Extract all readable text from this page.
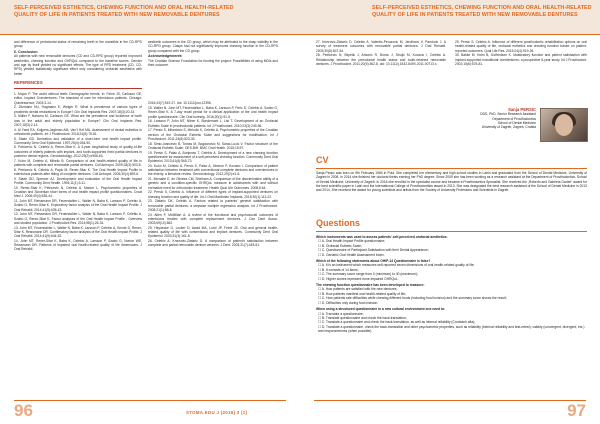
SELF-PERCEIVED ESTHETICS, CHEWING FUNCTION AND ORAL HEALTH-RELATED
QUALITY OF LIFE IN PATIENTS TREATED WITH NEW REMOVABLE DENTURES
SELF-PERCEIVED ESTHETICS, CHEWING FUNCTION AND ORAL HEALTH-RELATED
QUALITY OF LIFE IN PATIENTS TREATED WITH NEW REMOVABLE DENTURES

and difference of periodontal status of remaining teeth in the mandible in the CD-RPD group.

6. Conclusion

All patients with new removable dentures (CD and CD-RPD group) reported improved aesthetics, chewing function and OHRQoL compared to the baseline scores. Gender and age by itself yielded no significant effects. The type of RPD treatment (CD- CD-RPD) yielded statistically significant effect only considering orofacial aesthetics with better

REFERENCES

1. Mojon P. The world without teeth: Demographic trends. In: Feine JS, Carlsson GE, editor. Implant Overdentures: The standard of care for edentulous patients. Chicago: Quintessence; 2003:3-14.

2. Zitzmann NU, Hagmann E, Weiger R. What is prevalence of various types of prosthetic dental restorations in Europe? Clin Oral Implants Res. 2007;18(3):20-33.

3. Müller F, Naharro M, Carlsson GE. What are the prevalence and incidence of tooth loss in the adult and elderly population in Europe? Clin Oral Implants Res. 2007;18(3):2-14.

4. Al Yami EA, Kuijpers-Jagtman AM, Van't Hof MA. Assessment of dental esthetics in orthodontic patients. Int J Prosthodont. 2018;31(6):75-81.

5. Slade GD. Derivation and validation of a short-form oral health impact profile. Community Dent Oral Epidemiol. 1997;25(4):284-90.

6. Petricevic N, Celebic A, Rener-Sitar K. A 3-year longitudinal study of quality-of-life outcomes of elderly patients with implant- and tooth-supported fixed partial dentures in posterior dental regions. Gerodontology. 2012;29(2):e956-63.

7. Kuhn M, Celebic A, Mikelic B. Comparison of oral health-related quality of life in patients with complete and removable partial dentures. Coll Antropol. 2009;33(3):903-8.

8. Petricevic N, Celebic A, Papic M, Rener-Sitar K. The Oral Health Impact Profile in edentulous patients after fitting of complete dentures. Coll Antropol. 2006;30(4):893-6.

9. Slade GD, Spencer AJ. Development and evaluation of the Oral Health Impact Profile. Community Dent Health. 1994;11(1):3-11.

10. Rener-Sitar K, Petricevic N, Celebic A, Marion L. Psychometric properties of Croatian and Slovenian short forms of oral health impact profile questionnaires. Croat Med J. 2008;49(4):536-44.

11. John MT, Reissmann DR, Feuerstahler L, Waller N, Baba K, Larsson P, Celebic A, Szabo G, Rener-Sitar K. Exploratory factor analysis of the Oral Health Impact Profile. J Oral Rehabil. 2014;41(9):635-43.

12. John MT, Reissmann DR, Feuerstahler L, Waller N, Baba K, Larsson P, Celebic A, Szabo G, Rener-Sitar K. Factor analyses of the Oral Health Impact Profile - Overview and studied population. J Prosthodont Res. 2014;58(1):26-34.

13. John MT, Feuerstahler L, Waller N, Baba K, Larsson P, Celebic A, Kende D, Rener-Sitar K, Reissmann DR. Confirmatory factor analysis of the Oral Health Impact Profile. J Oral Rehabil. 2014;41(9):644-52.

14. John MT, Rener-Sitar K, Baba K, Celebic A, Larsson P, Szabo G, Norton WE, Reissmann DR. Patterns of impaired oral health-related quality of life dimensions. J Oral Rehabil.

aesthetic outcomes in the CD group, which may be attributed to the clasp visibility in the CD-RPD group. Clasps had not significantly improved chewing function in the CD-RPD group compared with the CD group.

Acknowledgements

The Croatian Science Foundation for funding the project: Possibilities of using MDIs and their outcome.

2016;43(7):519-27. doi: 10.1111/joor.12396.

15. Waller N, John MT, Feuerstahler L, Baba K, Larsson P, Peric D, Celebic A, Szabo G, Rener-Sitar K. A 7-day recall period for a clinical application of the oral health impact profile questionnaire. Clin Oral Investig. 2016;20(1):91-9.

16. Larsson P, John MT, Nilner K, Bondemark L, List T. Development of an Orofacial Esthetic Scale in prosthodontic patients. Int J Prosthodont. 2010;23(3):249-56.

17. Persic S, Milardovic S, Mehulic K, Celebic A. Psychometric properties of the Croatian version of the Orofacial Esthetic Scale and suggestions for modification. Int J Prosthodont. 2011;24(6):523-33.

18. Simic-Ivancevic B, Tomas M, Bogdanovic M, Sarac-Lucic V. Factor structure of the Orofacial Esthetic Scale: OES-BiH. BMC Oral Health. 2015;15:97.

19. Persic S, Palac A, Bunjevac T, Celebic A. Development of a new chewing function questionnaire for assessment of a self-perceived chewing function. Community Dent Oral Epidemiol. 2013;41(6):565-73.

20. Kuhn M, Celebic A, Persic S, Palac A, Simeon P, Kovacic I. Comparison of patient satisfaction between treatment with conventional complete dentures and overdentures in the elderly: a literature review. Gerodontology. 2012;29(2):e1-6.

21. Bernabe E, de Oliveira CM, Sheiham A. Comparison of the discriminative ability of a generic and a condition-specific OHRQoL measure in adolescents with and without normative need for orthodontic treatment. Health Qual Life Outcomes. 2008;6:64.

22. Persic S, Celebic A. Influence of different types of implant-supported dentures on chewing function and quality of life. Int J Oral Maxillofac Implants. 2015;30(1):113-22.

23. Zlataric DK, Celebic A. Factors related to patients' general satisfaction with removable partial dentures: a stepwise multiple regression analysis. Int J Prosthodont. 2008;21(1):86-8.

24. Allen P, McMillan A. A review of the functional and psychosocial outcomes of edentulous treated with complete replacement dentures. J Can Dent Assoc. 2003;69(10):662.

25. Heydecke G, Locker D, Awad MA, Lund JP, Feine JS. Oral and general health-related quality of life with conventional and implant dentures. Community Dent Oral Epidemiol. 2003;31(3):161-8.

26. Celebic A, Knezovic-Zlataric D. A comparison of patient's satisfaction between complete and partial removable denture wearers. J Dent. 2003;31(7):445-51.

27. Knezovic-Zlataric D, Celebic A, Valentic-Peruzovic M, Jerolimov V, Panduric J. A survey of treatment outcomes with removable partial dentures. J Oral Rehabil. 2003;30(8):847-54.

28. Petricevic N, Stipetic J, Antonic R, Borcic J, Strujic M, Kovacic I, Celebic A. Relationship between the periodontal health status and tooth-retained removable dentures. J Prosthodont. 2011;20(5):362-8. doi: 10.1111/j.1532-849X.2011.00713.x.

29. Persic S, Celebic A. Influence of different prosthodontic rehabilitation options on oral health-related quality of life, orofacial esthetics and chewing function based on patient-reported outcomes. Qual Life Res. 2015;24(4):919-26.

30. Bakke M, Holm B, Gotfredsen K. Masticatory function and patient satisfaction with implant-supported mandibular overdentures: a prospective 5-year study. Int J Prosthodont. 2002;15(6):575-81.

Sanja PERSIC
DDS, PhD, Senior Research Assistant
Department of Prosthodontics
School of Dental Medicine
University of Zagreb, Zagreb, Croatia
CV
Sanja Persic was born on 9th February 1984 in Pula. She completed her elementary and high school studies in Labin and graduated from the School of Dental Medicine, University of Zagreb in 2008. In 2014 she finished her doctoral thesis earning her PhD degree. Since 2009 she has been working as a research assistant at the Department of Prosthodontics, School of Dental Medicine, University of Zagreb. In 2016 she enrolled in the specialist course and became a Prosthodontics Specialist. She received the „Roberto and Gabriela Ganeri“ award for the best scientific paper in Latin and the International College of Prosthodontists award in 2013. She was designated the best research assistant of the School of Dental Medicine in 2013 and 2014. She received the award for young scientists and artists from the Society of University Professors and Scientists in Zagreb.
Questions
Which instruments was used to assess patients' self-perceived orofacial aesthetics:
☐ A. Oral Health Impact Profile questionnaire;
☐ B. Orofacial Esthetic Scale;
☐ C. Questionnaire of Participant Satisfaction with their Dental Appearance;
☐ D. Geriatric Oral Health Assessment Index.
Which of the following statements about OHIP-14 Questionnaire is false?
☐ A. It is an instrument which measures self-reported seven dimensions of oral health-related quality of life;
☐ B. It consists of 14 items;
☐ C. The summary score range from 0 (minimum) to 40 (maximum);
☐ D. Higher scores represent more impaired OHRQoL.
The chewing function questionnaire has been developed to measure:
☐ A. How patients are satisfied with the new dentures;
☐ B. How patients manifest oral health-related quality of life;
☐ C. How patients rate difficulties while chewing different foods (including food incision) and the summary score shows the result;
☐ D. Difficulties only during food incision.
When using a structured questionnaire in a new cultural environment one need to:
☐ A. Translate a questionnaire;
☐ B. Translate questionnaire and check the back-translation;
☐ C. Translate a questionnaire and check the back-translation, as well as internal reliability (Cronbach alfa);
☐ D. Translate a questionnaire, check the back-translation and other psychometric properties, such as reliability (internal reliability and test-retest), validity (convergent, divergent, etc.) and responsiveness (when possible).
96	97
STOMA.EDU J (2016) 3 (1)
